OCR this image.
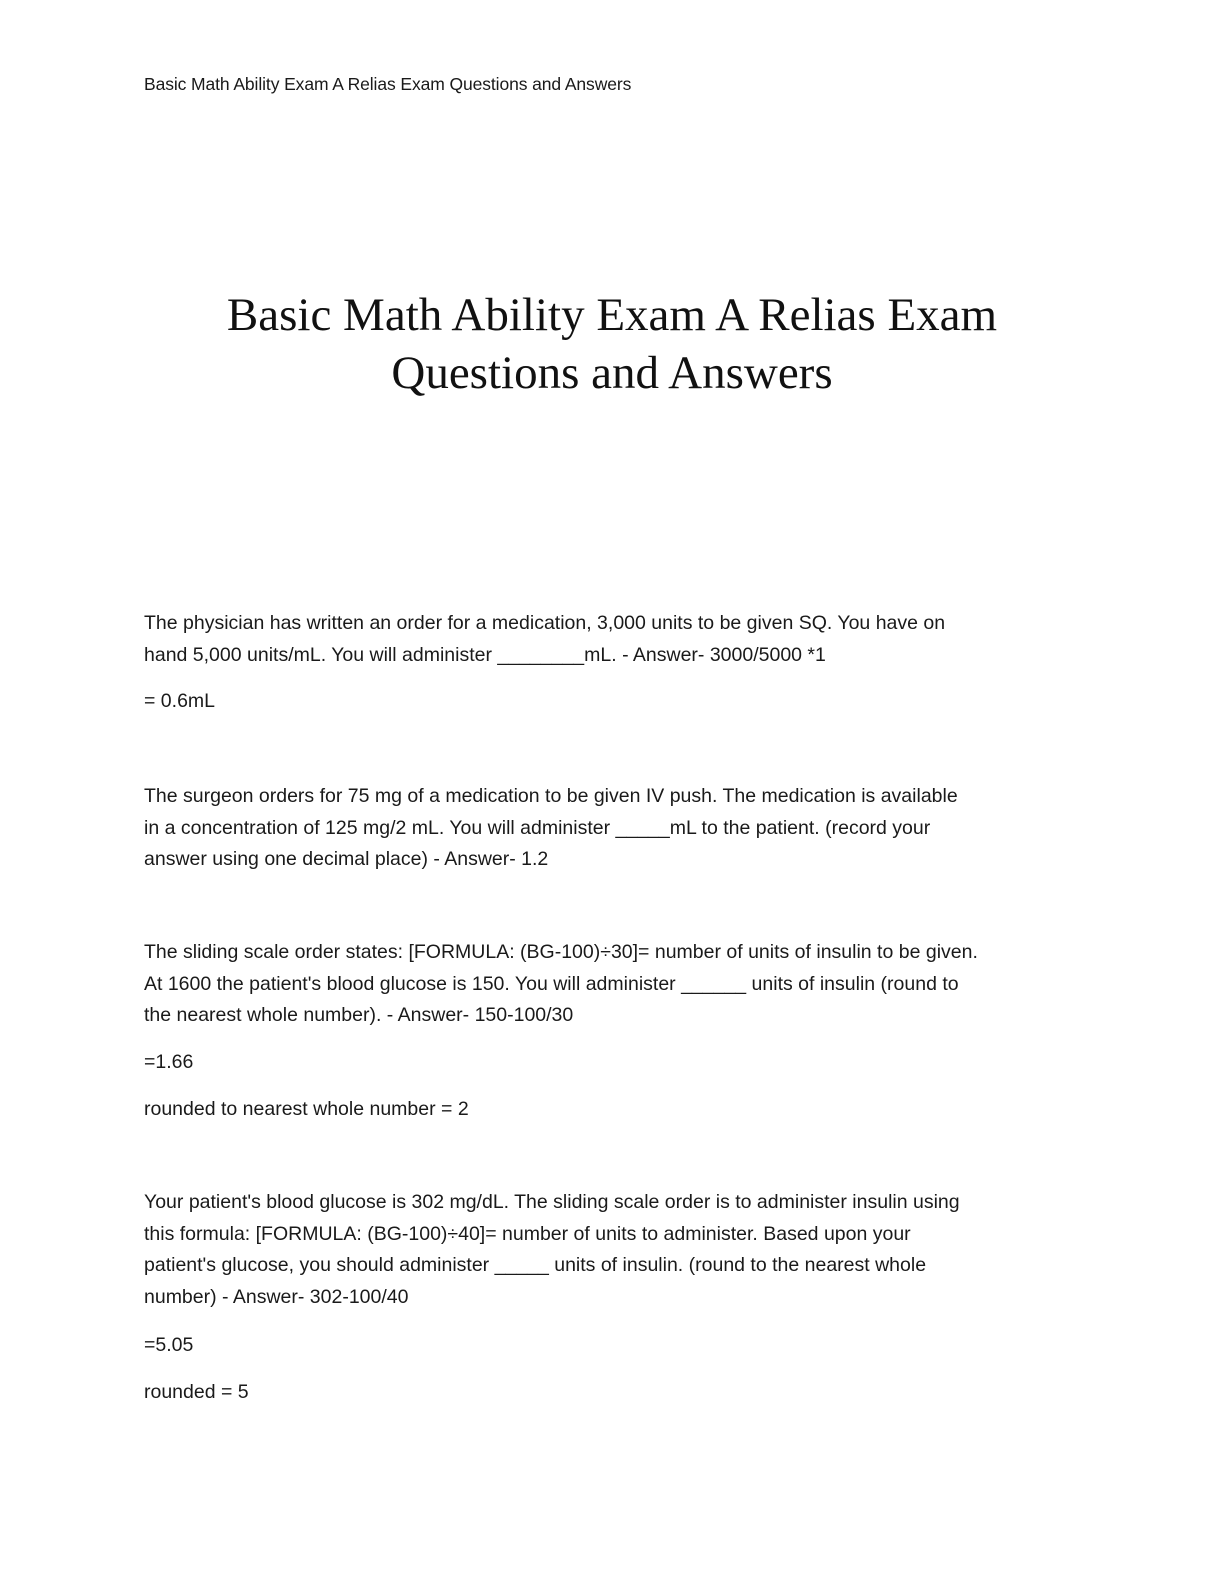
Basic Math Ability Exam A Relias Exam Questions and Answers
Basic Math Ability Exam A Relias Exam
Questions and Answers
The physician has written an order for a medication, 3,000 units to be given SQ. You have on
hand 5,000 units/mL. You will administer ________mL. - Answer- 3000/5000 *1
= 0.6mL
The surgeon orders for 75 mg of a medication to be given IV push. The medication is available
in a concentration of 125 mg/2 mL. You will administer _____mL to the patient. (record your
answer using one decimal place) - Answer- 1.2
The sliding scale order states: [FORMULA: (BG-100)÷30]= number of units of insulin to be given.
At 1600 the patient's blood glucose is 150. You will administer ______ units of insulin (round to
the nearest whole number). - Answer- 150-100/30
=1.66
rounded to nearest whole number = 2
Your patient's blood glucose is 302 mg/dL. The sliding scale order is to administer insulin using
this formula: [FORMULA: (BG-100)÷40]= number of units to administer. Based upon your
patient's glucose, you should administer _____ units of insulin. (round to the nearest whole
number) - Answer- 302-100/40
=5.05
rounded = 5
